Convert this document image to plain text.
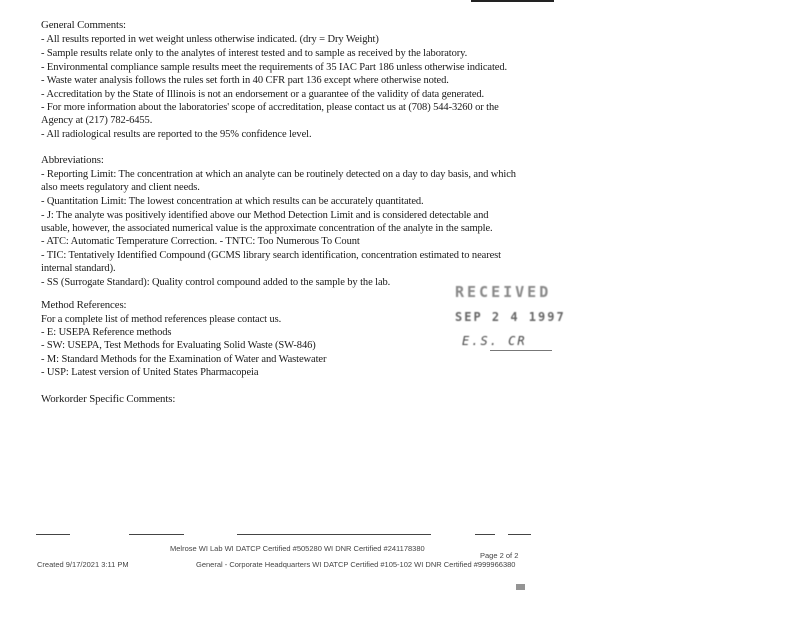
General Comments:
- All results reported in wet weight unless otherwise indicated. (dry = Dry Weight)
- Sample results relate only to the analytes of interest tested and to sample as received by the laboratory.
- Environmental compliance sample results meet the requirements of 35 IAC Part 186 unless otherwise indicated.
- Waste water analysis follows the rules set forth in 40 CFR part 136 except where otherwise noted.
- Accreditation by the State of Illinois is not an endorsement or a guarantee of the validity of data generated.
- For more information about the laboratories' scope of accreditation, please contact us at (708) 544-3260 or the
Agency at (217) 782-6455.
- All radiological results are reported to the 95% confidence level.
Abbreviations:
- Reporting Limit: The concentration at which an analyte can be routinely detected on a day to day basis, and which
also meets regulatory and client needs.
- Quantitation Limit: The lowest concentration at which results can be accurately quantitated.
- J: The analyte was positively identified above our Method Detection Limit and is considered detectable and
usable, however, the associated numerical value is the approximate concentration of the analyte in the sample.
- ATC: Automatic Temperature Correction. - TNTC: Too Numerous To Count
- TIC: Tentatively Identified Compound (GCMS library search identification, concentration estimated to nearest
internal standard).
- SS (Surrogate Standard): Quality control compound added to the sample by the lab.
Method References:
For a complete list of method references please contact us.
- E: USEPA Reference methods
- SW: USEPA, Test Methods for Evaluating Solid Waste (SW-846)
- M: Standard Methods for the Examination of Water and Wastewater
- USP: Latest version of United States Pharmacopeia
Workorder Specific Comments:
RECEIVED
SEP 2 4 1997
E.S. CR
Melrose WI Lab WI DATCP Certified #505280 WI DNR Certified #241178380
Page 2 of 2
Created 9/17/2021 3:11 PM	General - Corporate Headquarters WI DATCP Certified #105-102 WI DNR Certified #999966380
